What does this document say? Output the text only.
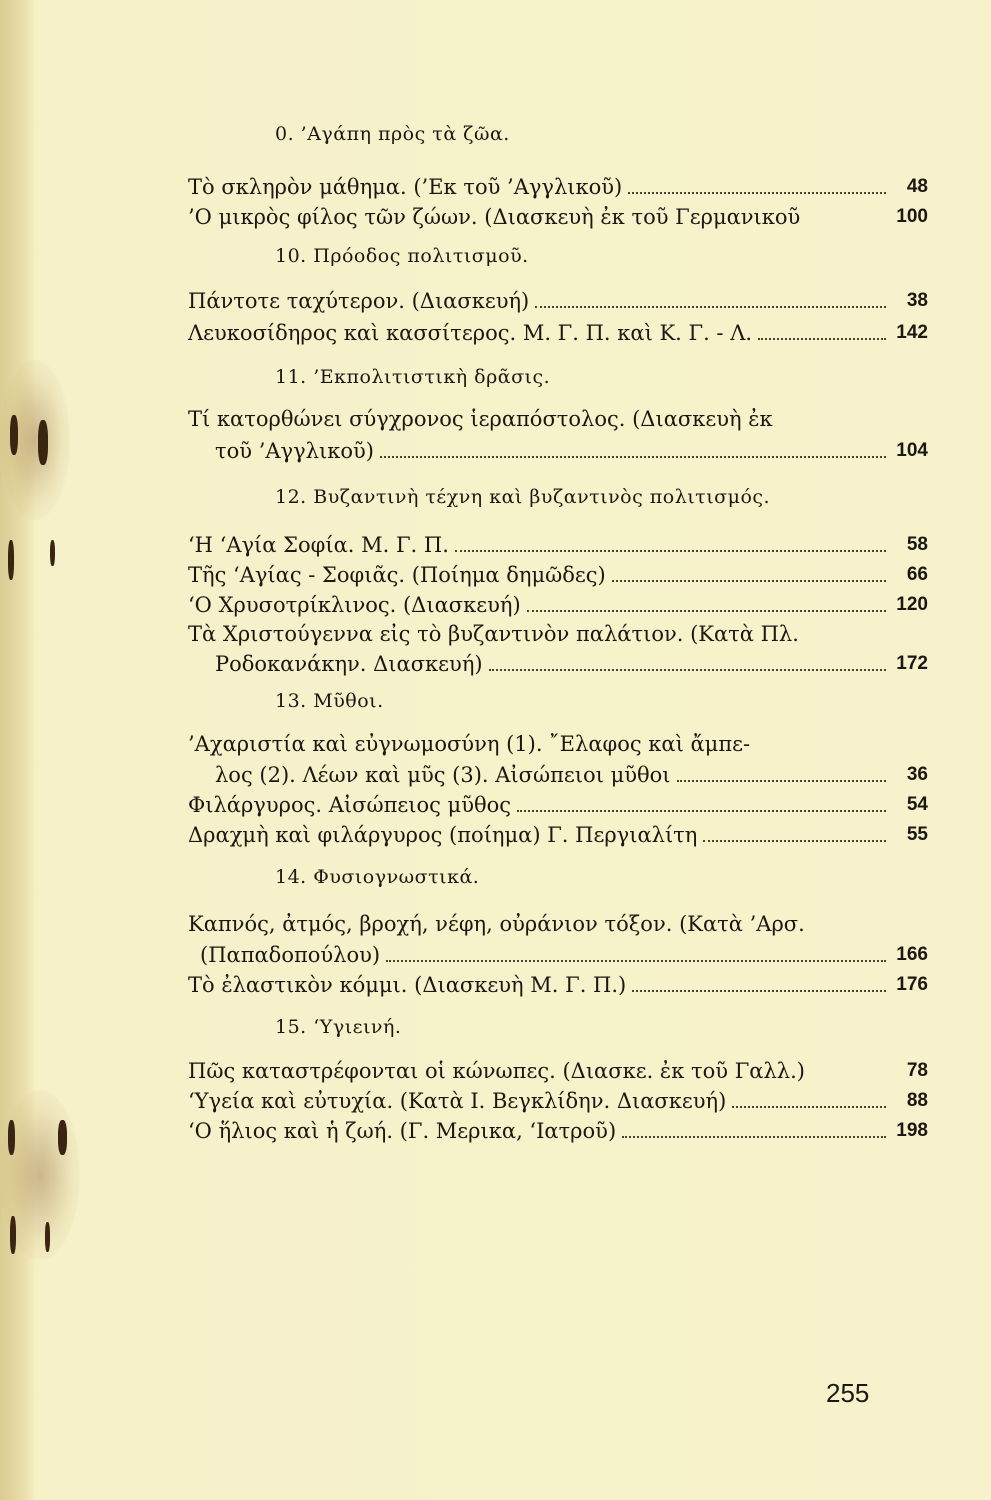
0. ’Αγάπη πρὸς τὰ ζῶα.
Τὸ σκληρὸν μάθημα. (’Εκ τοῦ ’Αγγλικοῦ)	48
’Ο μικρὸς φίλος τῶν ζώων. (Διασκευὴ ἐκ τοῦ Γερμανικοῦ	100
10. Πρόοδος πολιτισμοῦ.
Πάντοτε ταχύτερον. (Διασκευή)	38
Λευκοσίδηρος καὶ κασσίτερος. Μ. Γ. Π. καὶ Κ. Γ. - Λ.	142
11. ’Εκπολιτιστικὴ δρᾶσις.
Τί κατορθώνει σύγχρονος ἱεραπόστολος. (Διασκευὴ ἐκ
τοῦ ’Αγγλικοῦ)	104
12. Βυζαντινὴ τέχνη καὶ βυζαντινὸς πολιτισμός.
‘Η ‘Αγία Σοφία. Μ. Γ. Π.	58
Τῆς ‘Αγίας - Σοφιᾶς. (Ποίημα δημῶδες)	66
‘Ο Χρυσοτρίκλινος. (Διασκευή)	120
Τὰ Χριστούγεννα εἰς τὸ βυζαντινὸν παλάτιον. (Κατὰ Πλ.
Ροδοκανάκην. Διασκευή)	172
13. Μῦθοι.
’Αχαριστία καὶ εὐγνωμοσύνη (1). ῎Ελαφος καὶ ἄμπε-
λος (2). Λέων καὶ μῦς (3). Αἰσώπειοι μῦθοι	36
Φιλάργυρος. Αἰσώπειος μῦθος	54
Δραχμὴ καὶ φιλάργυρος (ποίημα) Γ. Περγιαλίτη	55
14. Φυσιογνωστικά.
Καπνός, ἀτμός, βροχή, νέφη, οὐράνιον τόξον. (Κατὰ ’Αρσ.
(Παπαδοπούλου)	166
Τὸ ἐλαστικὸν κόμμι. (Διασκευὴ Μ. Γ. Π.)	176
15. ‘Υγιεινή.
Πῶς καταστρέφονται οἱ κώνωπες. (Διασκε. ἐκ τοῦ Γαλλ.)	78
‘Υγεία καὶ εὐτυχία. (Κατὰ Ι. Βεγκλίδην. Διασκευή)	88
‘Ο ἥλιος καὶ ἡ ζωή. (Γ. Μερικα, ‘Ιατροῦ)	198
255
